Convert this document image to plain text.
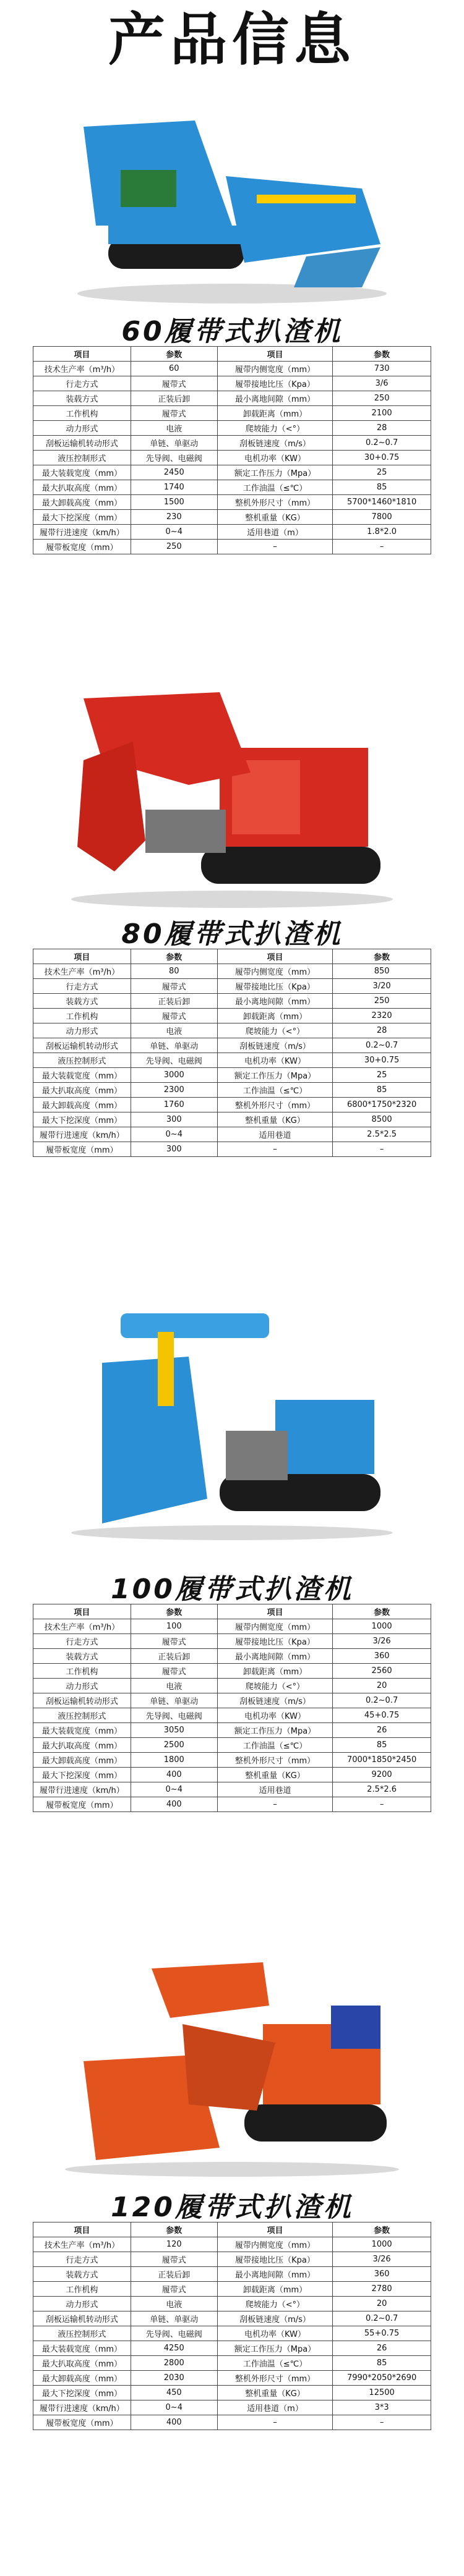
产品信息
60履带式扒渣机
项目	参数	项目	参数
技术生产率（m³/h）	60	履带内侧宽度（mm）	730
行走方式	履带式	履带接地比压（Kpa）	3/6
装载方式	正装后卸	最小离地间隙（mm）	250
工作机构	履带式	卸载距离（mm）	2100
动力形式	电液	爬坡能力（<°）	28
刮板运输机转动形式	单链、单驱动	刮板链速度（m/s）	0.2~0.7
液压控制形式	先导阀、电磁阀	电机功率（KW）	30+0.75
最大装载宽度（mm）	2450	额定工作压力（Mpa）	25
最大扒取高度（mm）	1740	工作油温（≤℃）	85
最大卸载高度（mm）	1500	整机外形尺寸（mm）	5700*1460*1810
最大下挖深度（mm）	230	整机重量（KG）	7800
履带行进速度（km/h）	0~4	适用巷道（m）	1.8*2.0
履带板宽度（mm）	250	–	–
80履带式扒渣机
项目	参数	项目	参数
技术生产率（m³/h）	80	履带内侧宽度（mm）	850
行走方式	履带式	履带接地比压（Kpa）	3/20
装载方式	正装后卸	最小离地间隙（mm）	250
工作机构	履带式	卸载距离（mm）	2320
动力形式	电液	爬坡能力（<°）	28
刮板运输机转动形式	单链、单驱动	刮板链速度（m/s）	0.2~0.7
液压控制形式	先导阀、电磁阀	电机功率（KW）	30+0.75
最大装载宽度（mm）	3000	额定工作压力（Mpa）	25
最大扒取高度（mm）	2300	工作油温（≤℃）	85
最大卸载高度（mm）	1760	整机外形尺寸（mm）	6800*1750*2320
最大下挖深度（mm）	300	整机重量（KG）	8500
履带行进速度（km/h）	0~4	适用巷道	2.5*2.5
履带板宽度（mm）	300	–	–
100履带式扒渣机
项目	参数	项目	参数
技术生产率（m³/h）	100	履带内侧宽度（mm）	1000
行走方式	履带式	履带接地比压（Kpa）	3/26
装载方式	正装后卸	最小离地间隙（mm）	360
工作机构	履带式	卸载距离（mm）	2560
动力形式	电液	爬坡能力（<°）	20
刮板运输机转动形式	单链、单驱动	刮板链速度（m/s）	0.2~0.7
液压控制形式	先导阀、电磁阀	电机功率（KW）	45+0.75
最大装载宽度（mm）	3050	额定工作压力（Mpa）	26
最大扒取高度（mm）	2500	工作油温（≤℃）	85
最大卸载高度（mm）	1800	整机外形尺寸（mm）	7000*1850*2450
最大下挖深度（mm）	400	整机重量（KG）	9200
履带行进速度（km/h）	0~4	适用巷道	2.5*2.6
履带板宽度（mm）	400	–	–
120履带式扒渣机
项目	参数	项目	参数
技术生产率（m³/h）	120	履带内侧宽度（mm）	1000
行走方式	履带式	履带接地比压（Kpa）	3/26
装载方式	正装后卸	最小离地间隙（mm）	360
工作机构	履带式	卸载距离（mm）	2780
动力形式	电液	爬坡能力（<°）	20
刮板运输机转动形式	单链、单驱动	刮板链速度（m/s）	0.2~0.7
液压控制形式	先导阀、电磁阀	电机功率（KW）	55+0.75
最大装载宽度（mm）	4250	额定工作压力（Mpa）	26
最大扒取高度（mm）	2800	工作油温（≤℃）	85
最大卸载高度（mm）	2030	整机外形尺寸（mm）	7990*2050*2690
最大下挖深度（mm）	450	整机重量（KG）	12500
履带行进速度（km/h）	0~4	适用巷道（m）	3*3
履带板宽度（mm）	400	–	–
